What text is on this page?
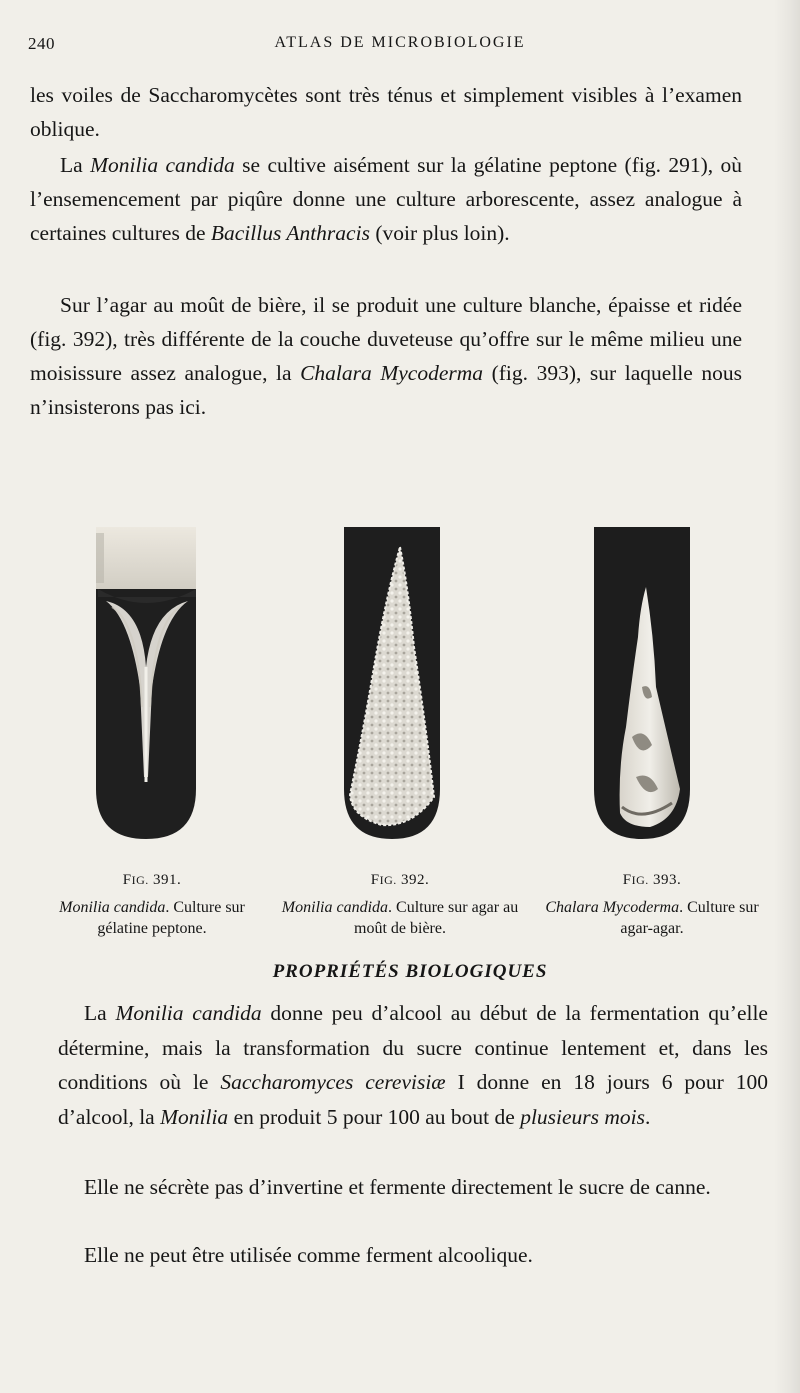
240	ATLAS DE MICROBIOLOGIE

les voiles de Saccharomycètes sont très ténus et simplement visibles à l’examen oblique.

La Monilia candida se cultive aisément sur la gélatine peptone (fig. 291), où l’ensemencement par piqûre donne une culture arborescente, assez analogue à certaines cultures de Bacillus Anthracis (voir plus loin).

Sur l’agar au moût de bière, il se produit une culture blanche, épaisse et ridée (fig. 392), très différente de la couche duveteuse qu’offre sur le même milieu une moisissure assez analogue, la Chalara Mycoderma (fig. 393), sur laquelle nous n’insisterons pas ici.

FIG. 391.
Monilia candida. Culture sur gélatine peptone.
FIG. 392.
Monilia candida. Culture sur agar au moût de bière.
FIG. 393.
Chalara Mycoderma. Culture sur agar-agar.
PROPRIÉTÉS BIOLOGIQUES

La Monilia candida donne peu d’alcool au début de la fermentation qu’elle détermine, mais la transformation du sucre continue lentement et, dans les conditions où le Saccharomyces cerevisiæ I donne en 18 jours 6 pour 100 d’alcool, la Monilia en produit 5 pour 100 au bout de plusieurs mois.

Elle ne sécrète pas d’invertine et fermente directement le sucre de canne.

Elle ne peut être utilisée comme ferment alcoolique.
